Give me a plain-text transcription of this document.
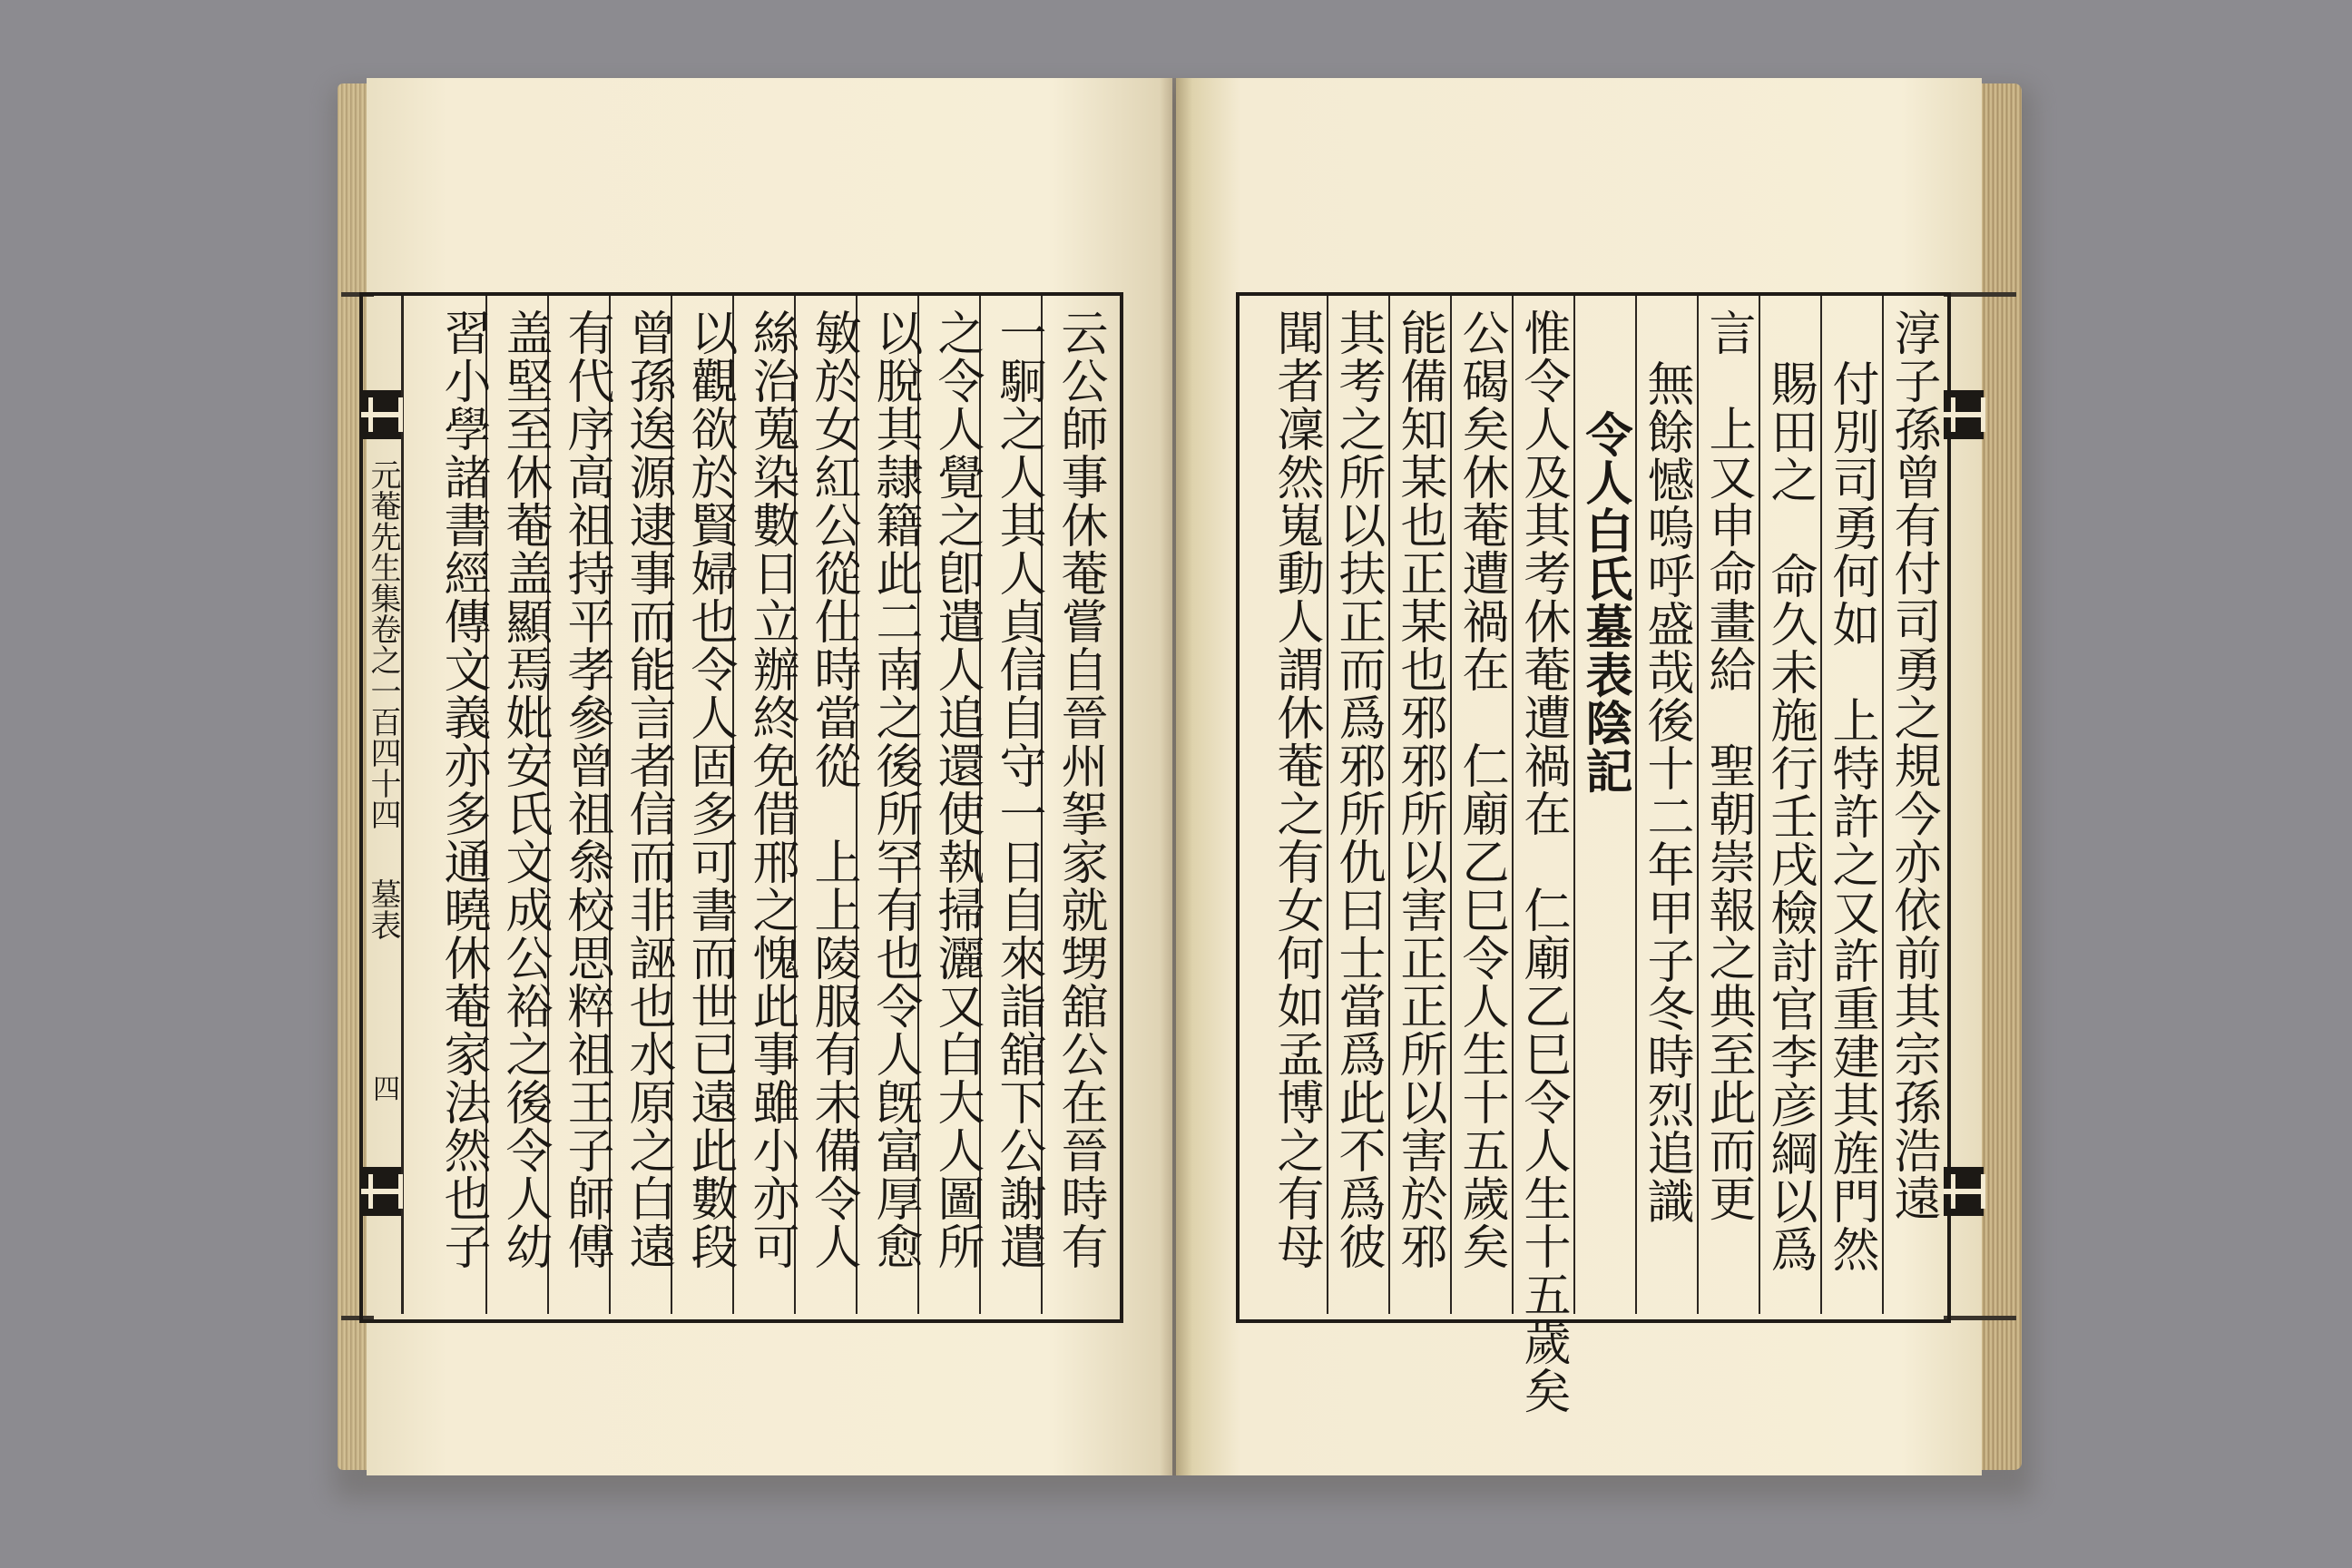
元菴先生集卷之一百四十四
墓表
四	云公師事休菴嘗自晉州挐家就甥舘公在晉時有
一駉之人其人貞信自守一日自來詣舘下公謝遣
之令人覺之卽遣人追還使執掃灑又白大人圖所
以脫其隷籍此二南之後所罕有也令人旣富厚愈
敏於女紅公從仕時當從　上上陵服有未備令人
絲治蒐染數日立辦終免借邢之愧此事雖小亦可
以觀欲於賢婦也令人固多可書而世已遠此數段
曾孫逘源逮事而能言者信而非誣也水原之白遠
有代序高祖持平孝參曾祖叅校思粹祖王子師傅
盖堅至休菴盖顯焉妣安氏文成公裕之後令人幼
習小學諸書經傳文義亦多通曉休菴家法然也子	淳子孫曾有付司勇之規今亦依前其宗孫浩遠
付別司勇何如　上特許之又許重建其旌門然
賜田之　命久未施行壬戌檢討官李彦綱以爲
言　上又申命畫給　聖朝崇報之典至此而更
無餘憾嗚呼盛哉後十二年甲子冬時烈追識
令人白氏墓表陰記
惟令人及其考休菴遭禍在　仁廟乙巳令人生十五歲矣
公碣矣休菴遭禍在　仁廟乙巳令人生十五歲矣
能備知某也正某也邪邪所以害正正所以害於邪
其考之所以扶正而爲邪所仇曰士當爲此不爲彼
聞者凜然嵬動人謂休菴之有女何如孟博之有母
